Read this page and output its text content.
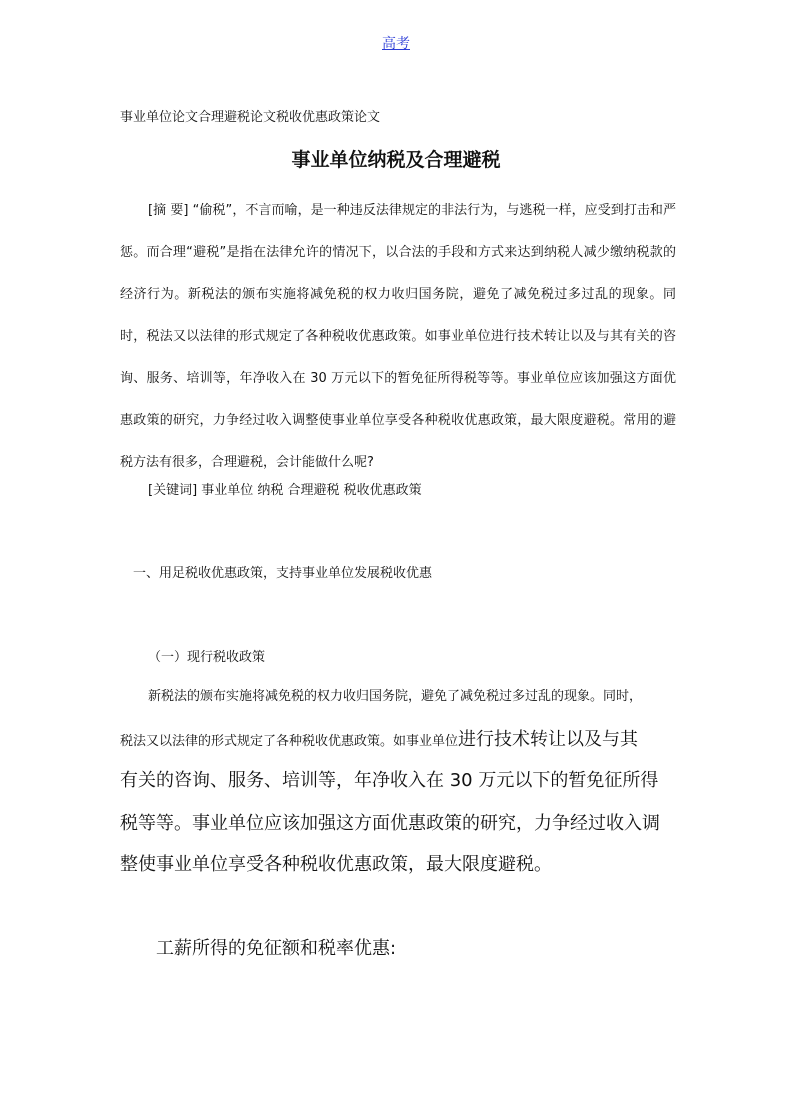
高考
事业单位论文合理避税论文税收优惠政策论文
事业单位纳税及合理避税
[摘 要] “偷税”，不言而喻，是一种违反法律规定的非法行为，与逃税一样，应受到打击和严惩。而合理“避税”是指在法律允许的情况下，以合法的手段和方式来达到纳税人减少缴纳税款的经济行为。新税法的颁布实施将减免税的权力收归国务院，避免了减免税过多过乱的现象。同时，税法又以法律的形式规定了各种税收优惠政策。如事业单位进行技术转让以及与其有关的咨询、服务、培训等，年净收入在 30 万元以下的暂免征所得税等等。事业单位应该加强这方面优惠政策的研究，力争经过收入调整使事业单位享受各种税收优惠政策，最大限度避税。常用的避税方法有很多，合理避税，会计能做什么呢?
[关键词] 事业单位 纳税 合理避税 税收优惠政策
一、用足税收优惠政策，支持事业单位发展税收优惠
（一）现行税收政策
新税法的颁布实施将减免税的权力收归国务院，避免了减免税过多过乱的现象。同时，
税法又以法律的形式规定了各种税收优惠政策。如事业单位进行技术转让以及与其
有关的咨询、服务、培训等，年净收入在 30 万元以下的暂免征所得
税等等。事业单位应该加强这方面优惠政策的研究，力争经过收入调
整使事业单位享受各种税收优惠政策，最大限度避税。
工薪所得的免征额和税率优惠:
